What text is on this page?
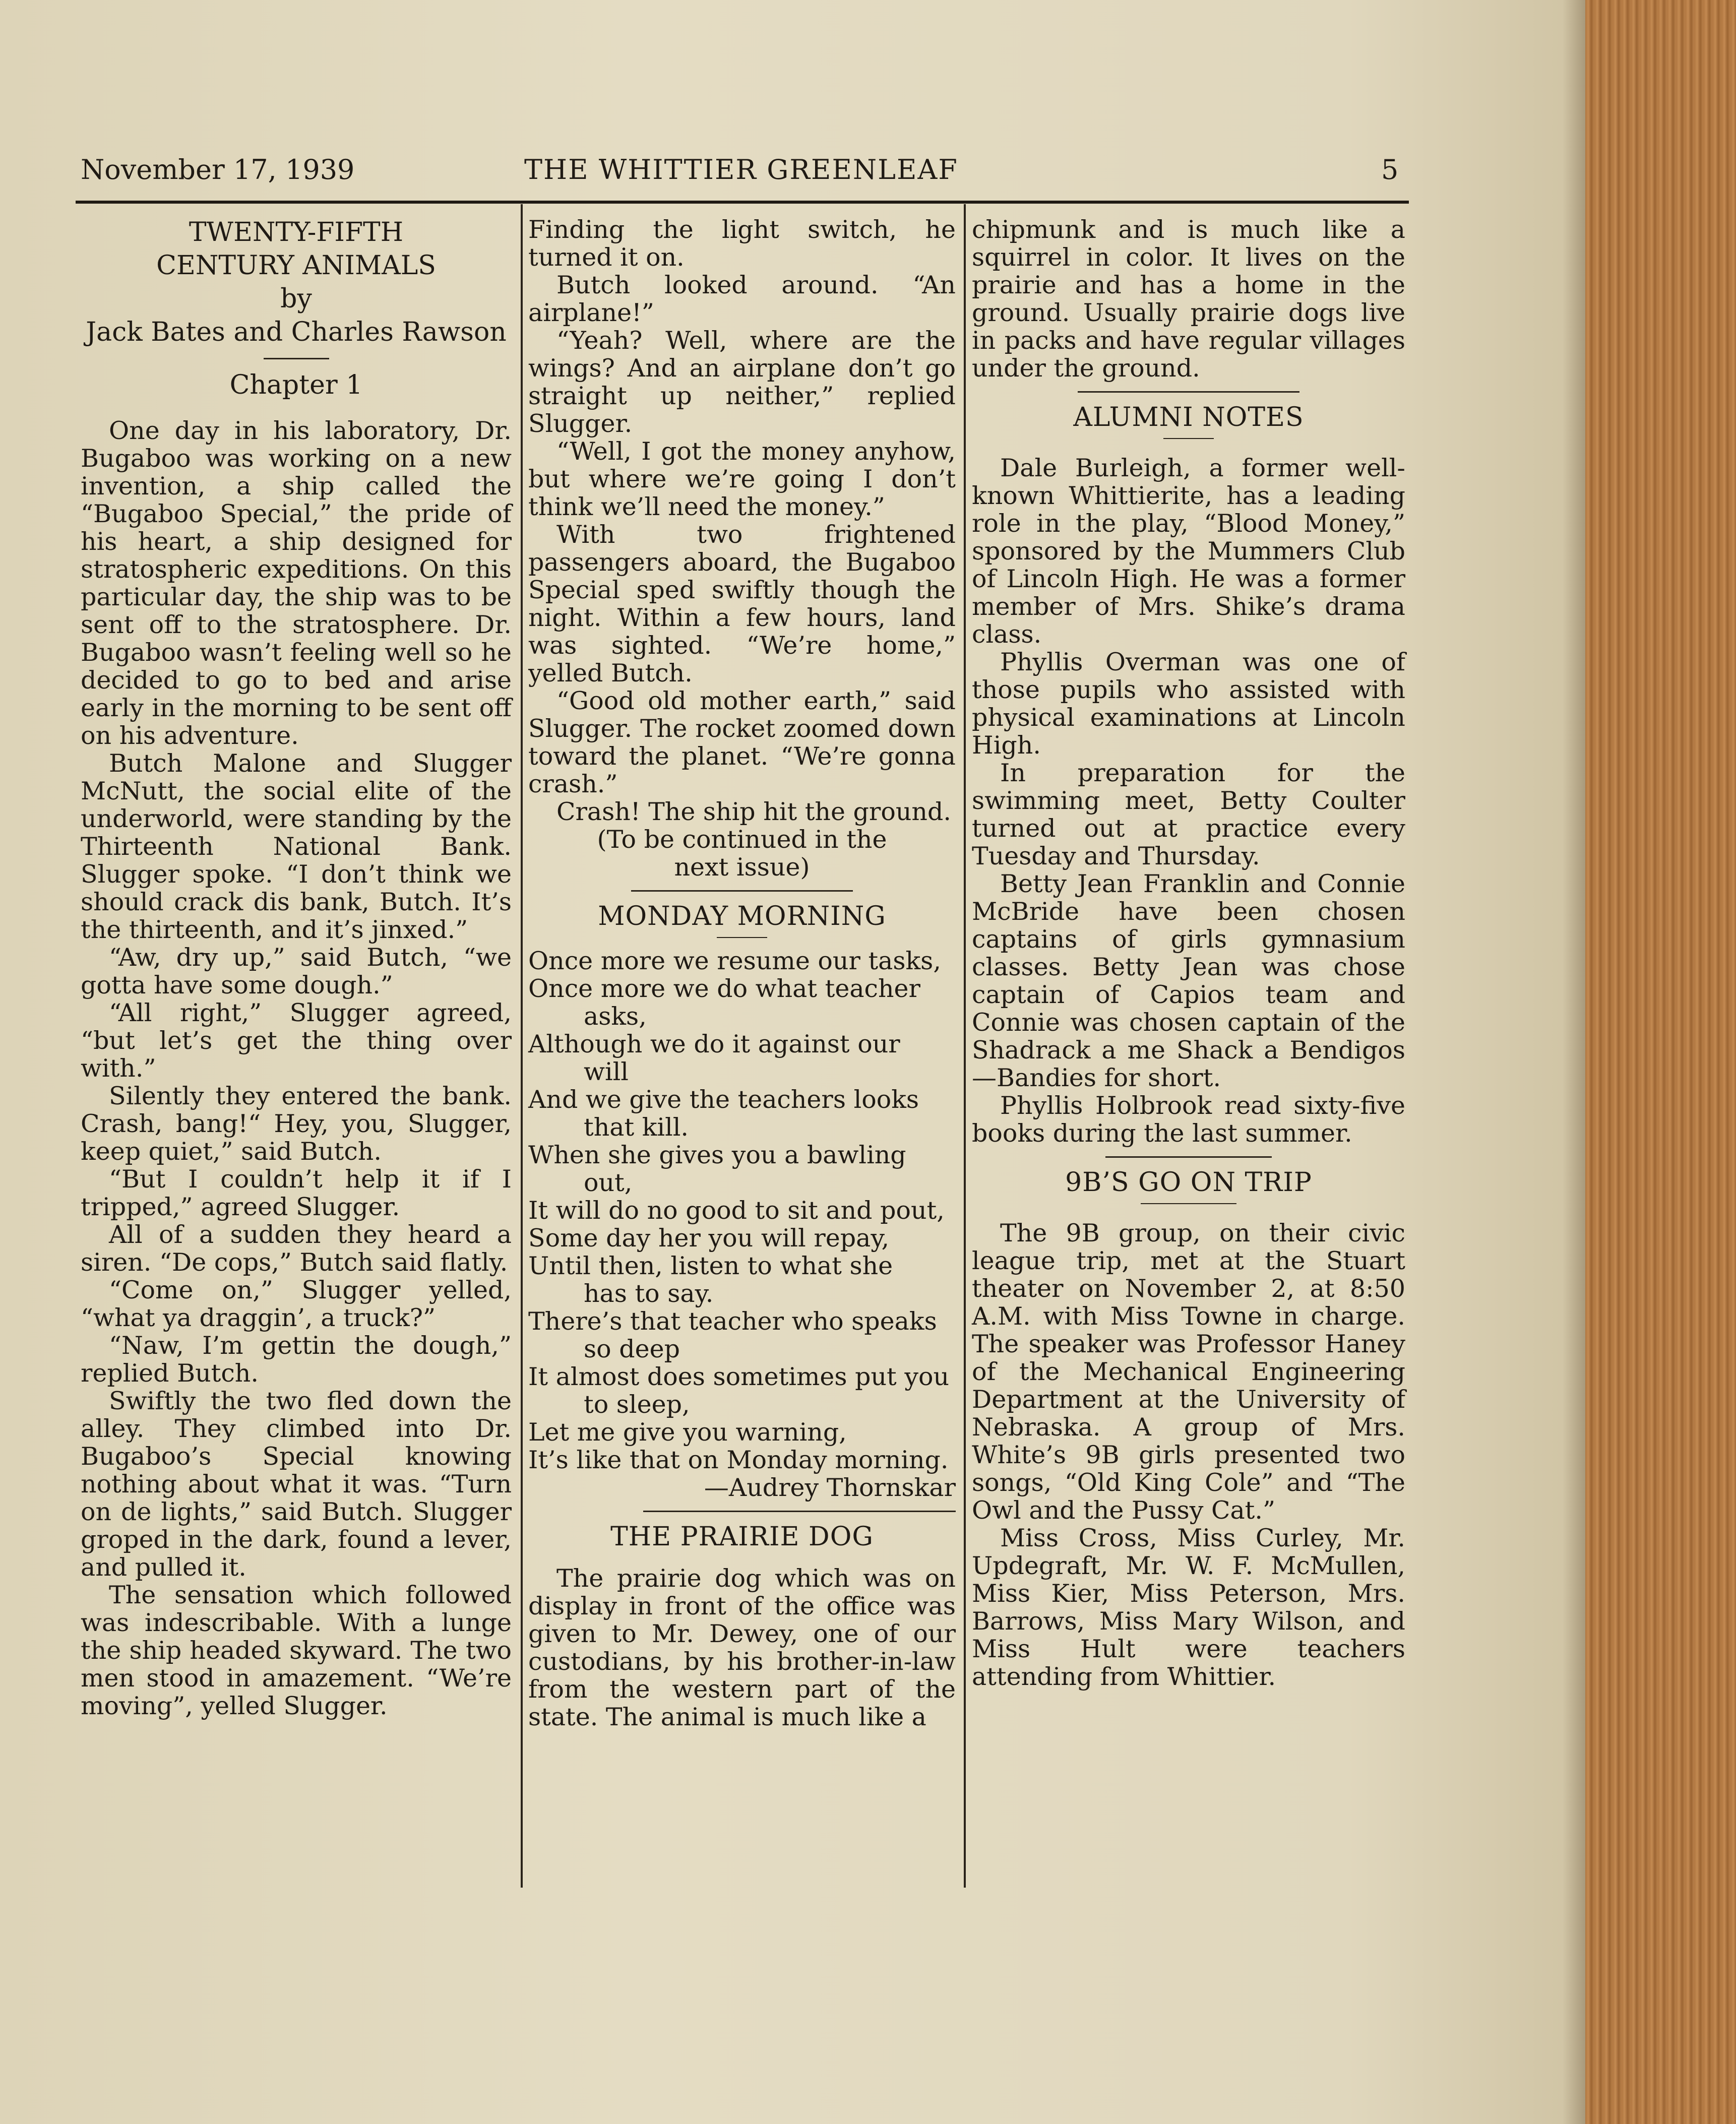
November 17, 1939	THE WHITTIER GREENLEAF	5
TWENTY-FIFTH
CENTURY ANIMALS
by
Jack Bates and Charles Rawson
Chapter 1

One day in his laboratory, Dr. Bugaboo was working on a new invention, a ship called the “Bugaboo Special,” the pride of his heart, a ship designed for stratospheric expeditions. On this particular day, the ship was to be sent off to the stratosphere. Dr. Bugaboo wasn’t feeling well so he decided to go to bed and arise early in the morning to be sent off on his adventure.

Butch Malone and Slugger McNutt, the social elite of the underworld, were standing by the Thirteenth National Bank. Slugger spoke. “I don’t think we should crack dis bank, Butch. It’s the thirteenth, and it’s jinxed.”

“Aw, dry up,” said Butch, “we gotta have some dough.”

“All right,” Slugger agreed, “but let’s get the thing over with.”

Silently they entered the bank. Crash, bang!“ Hey, you, Slugger, keep quiet,” said Butch.

“But I couldn’t help it if I tripped,” agreed Slugger.

All of a sudden they heard a siren. “De cops,” Butch said flatly.

“Come on,” Slugger yelled, “what ya draggin’, a truck?”

“Naw, I’m gettin the dough,” replied Butch.

Swiftly the two fled down the alley. They climbed into Dr. Bugaboo’s Special knowing nothing about what it was. “Turn on de lights,” said Butch. Slugger groped in the dark, found a lever, and pulled it.

The sensation which followed was indescribable. With a lunge the ship headed skyward. The two men stood in amazement. “We’re moving”, yelled Slugger.

Finding the light switch, he turned it on.

Butch looked around. “An airplane!”

“Yeah? Well, where are the wings? And an airplane don’t go straight up neither,” replied Slugger.

“Well, I got the money anyhow, but where we’re going I don’t think we’ll need the money.”

With two frightened passengers aboard, the Bugaboo Special sped swiftly though the night. Within a few hours, land was sighted. “We’re home,” yelled Butch.

“Good old mother earth,” said Slugger. The rocket zoomed down toward the planet. “We’re gonna crash.”

Crash! The ship hit the ground.

(To be continued in the
next issue)
MONDAY MORNING
Once more we resume our tasks,
Once more we do what teacher
asks,
Although we do it against our
will
And we give the teachers looks
that kill.
When she gives you a bawling
out,
It will do no good to sit and pout,
Some day her you will repay,
Until then, listen to what she
has to say.
There’s that teacher who speaks
so deep
It almost does sometimes put you
to sleep,
Let me give you warning,
It’s like that on Monday morning.
—Audrey Thornskar
THE PRAIRIE DOG

The prairie dog which was on display in front of the office was given to Mr. Dewey, one of our custodians, by his brother-in-law from the western part of the state. The animal is much like a

chipmunk and is much like a squirrel in color. It lives on the prairie and has a home in the ground. Usually prairie dogs live in packs and have regular villages under the ground.

ALUMNI NOTES

Dale Burleigh, a former well-known Whittierite, has a leading role in the play, “Blood Money,” sponsored by the Mummers Club of Lincoln High. He was a former member of Mrs. Shike’s drama class.

Phyllis Overman was one of those pupils who assisted with physical examinations at Lincoln High.

In preparation for the swimming meet, Betty Coulter turned out at practice every Tuesday and Thursday.

Betty Jean Franklin and Connie McBride have been chosen captains of girls gymnasium classes. Betty Jean was chose captain of Capios team and Connie was chosen captain of the Shadrack a me Shack a Bendigos —Bandies for short.

Phyllis Holbrook read sixty-five books during the last summer.

9B’S GO ON TRIP

The 9B group, on their civic league trip, met at the Stuart theater on November 2, at 8:50 A.M. with Miss Towne in charge. The speaker was Professor Haney of the Mechanical Engineering Department at the University of Nebraska. A group of Mrs. White’s 9B girls presented two songs, “Old King Cole” and “The Owl and the Pussy Cat.”

Miss Cross, Miss Curley, Mr. Updegraft, Mr. W. F. McMullen, Miss Kier, Miss Peterson, Mrs. Barrows, Miss Mary Wilson, and Miss Hult were teachers attending from Whittier.
